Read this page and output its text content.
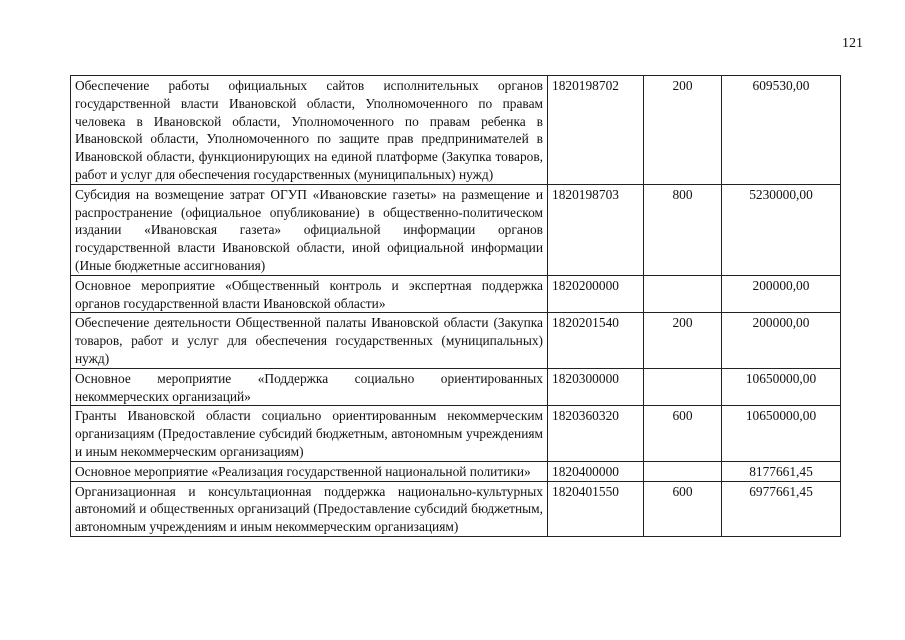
121
Обеспечение работы официальных сайтов исполнительных органов государственной власти Ивановской области, Уполномоченного по правам человека в Ивановской области, Уполномоченного по правам ребенка в Ивановской области, Уполномоченного по защите прав предпринимателей в Ивановской области, функционирующих на единой платформе (Закупка товаров, работ и услуг для обеспечения государственных (муниципальных) нужд)	1820198702	200	609530,00
Субсидия на возмещение затрат ОГУП «Ивановские газеты» на размещение и распространение (официальное опубликование) в общественно-политическом издании «Ивановская газета» официальной информации органов государственной власти Ивановской области, иной официальной информации (Иные бюджетные ассигнования)	1820198703	800	5230000,00
Основное мероприятие «Общественный контроль и экспертная поддержка органов государственной власти Ивановской области»	1820200000		200000,00
Обеспечение деятельности Общественной палаты Ивановской области (Закупка товаров, работ и услуг для обеспечения государственных (муниципальных) нужд)	1820201540	200	200000,00
Основное мероприятие «Поддержка социально ориентированных некоммерческих организаций»	1820300000		10650000,00
Гранты Ивановской области социально ориентированным некоммерческим организациям (Предоставление субсидий бюджетным, автономным учреждениям и иным некоммерческим организациям)	1820360320	600	10650000,00
Основное мероприятие «Реализация государственной национальной политики»	1820400000		8177661,45
Организационная и консультационная поддержка национально-культурных автономий и общественных организаций (Предоставление субсидий бюджетным, автономным учреждениям и иным некоммерческим организациям)	1820401550	600	6977661,45
